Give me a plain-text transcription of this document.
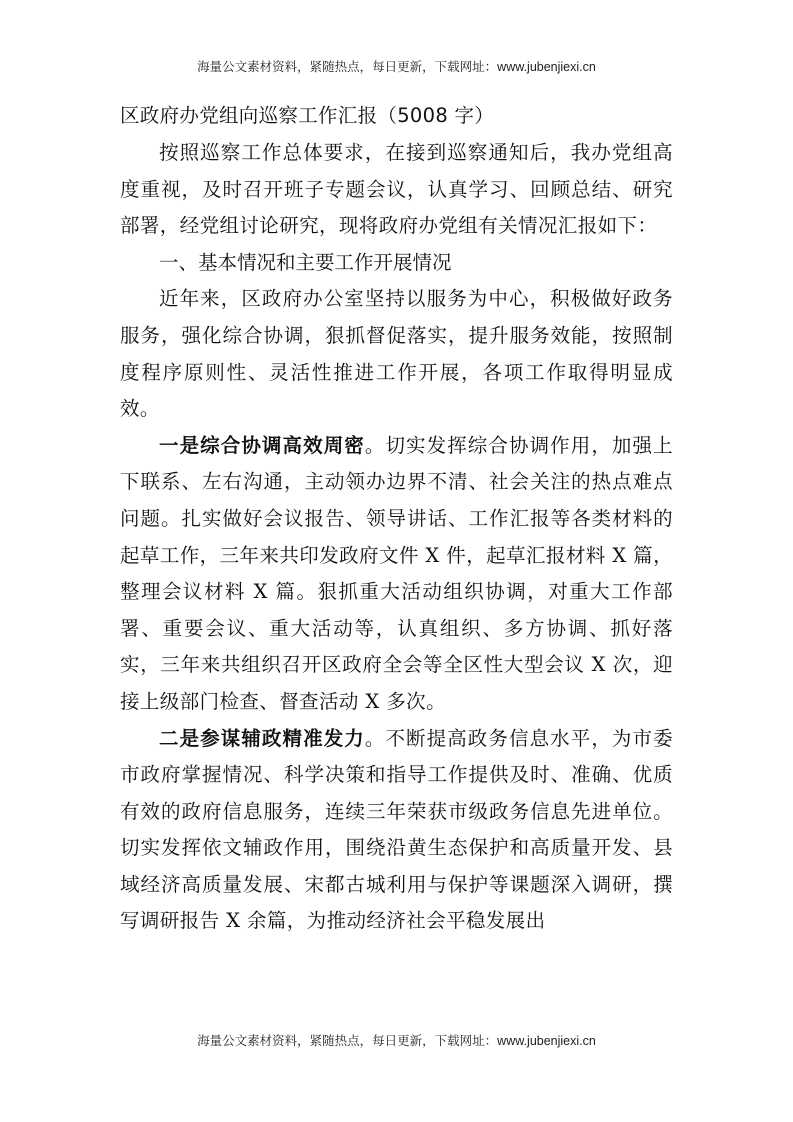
海量公文素材资料，紧随热点，每日更新，下载网址：www.jubenjiexi.cn
区政府办党组向巡察工作汇报（5008 字）

按照巡察工作总体要求，在接到巡察通知后，我办党组高度重视，及时召开班子专题会议，认真学习、回顾总结、研究部署，经党组讨论研究，现将政府办党组有关情况汇报如下：

一、基本情况和主要工作开展情况

近年来，区政府办公室坚持以服务为中心，积极做好政务服务，强化综合协调，狠抓督促落实，提升服务效能，按照制度程序原则性、灵活性推进工作开展，各项工作取得明显成效。

一是综合协调高效周密。切实发挥综合协调作用，加强上下联系、左右沟通，主动领办边界不清、社会关注的热点难点问题。扎实做好会议报告、领导讲话、工作汇报等各类材料的起草工作，三年来共印发政府文件 X 件，起草汇报材料 X 篇，整理会议材料 X 篇。狠抓重大活动组织协调，对重大工作部署、重要会议、重大活动等，认真组织、多方协调、抓好落实，三年来共组织召开区政府全会等全区性大型会议 X 次，迎接上级部门检查、督查活动 X 多次。

二是参谋辅政精准发力。不断提高政务信息水平，为市委市政府掌握情况、科学决策和指导工作提供及时、准确、优质有效的政府信息服务，连续三年荣获市级政务信息先进单位。切实发挥依文辅政作用，围绕沿黄生态保护和高质量开发、县域经济高质量发展、宋都古城利用与保护等课题深入调研，撰写调研报告 X 余篇，为推动经济社会平稳发展出

海量公文素材资料，紧随热点，每日更新，下载网址：www.jubenjiexi.cn
